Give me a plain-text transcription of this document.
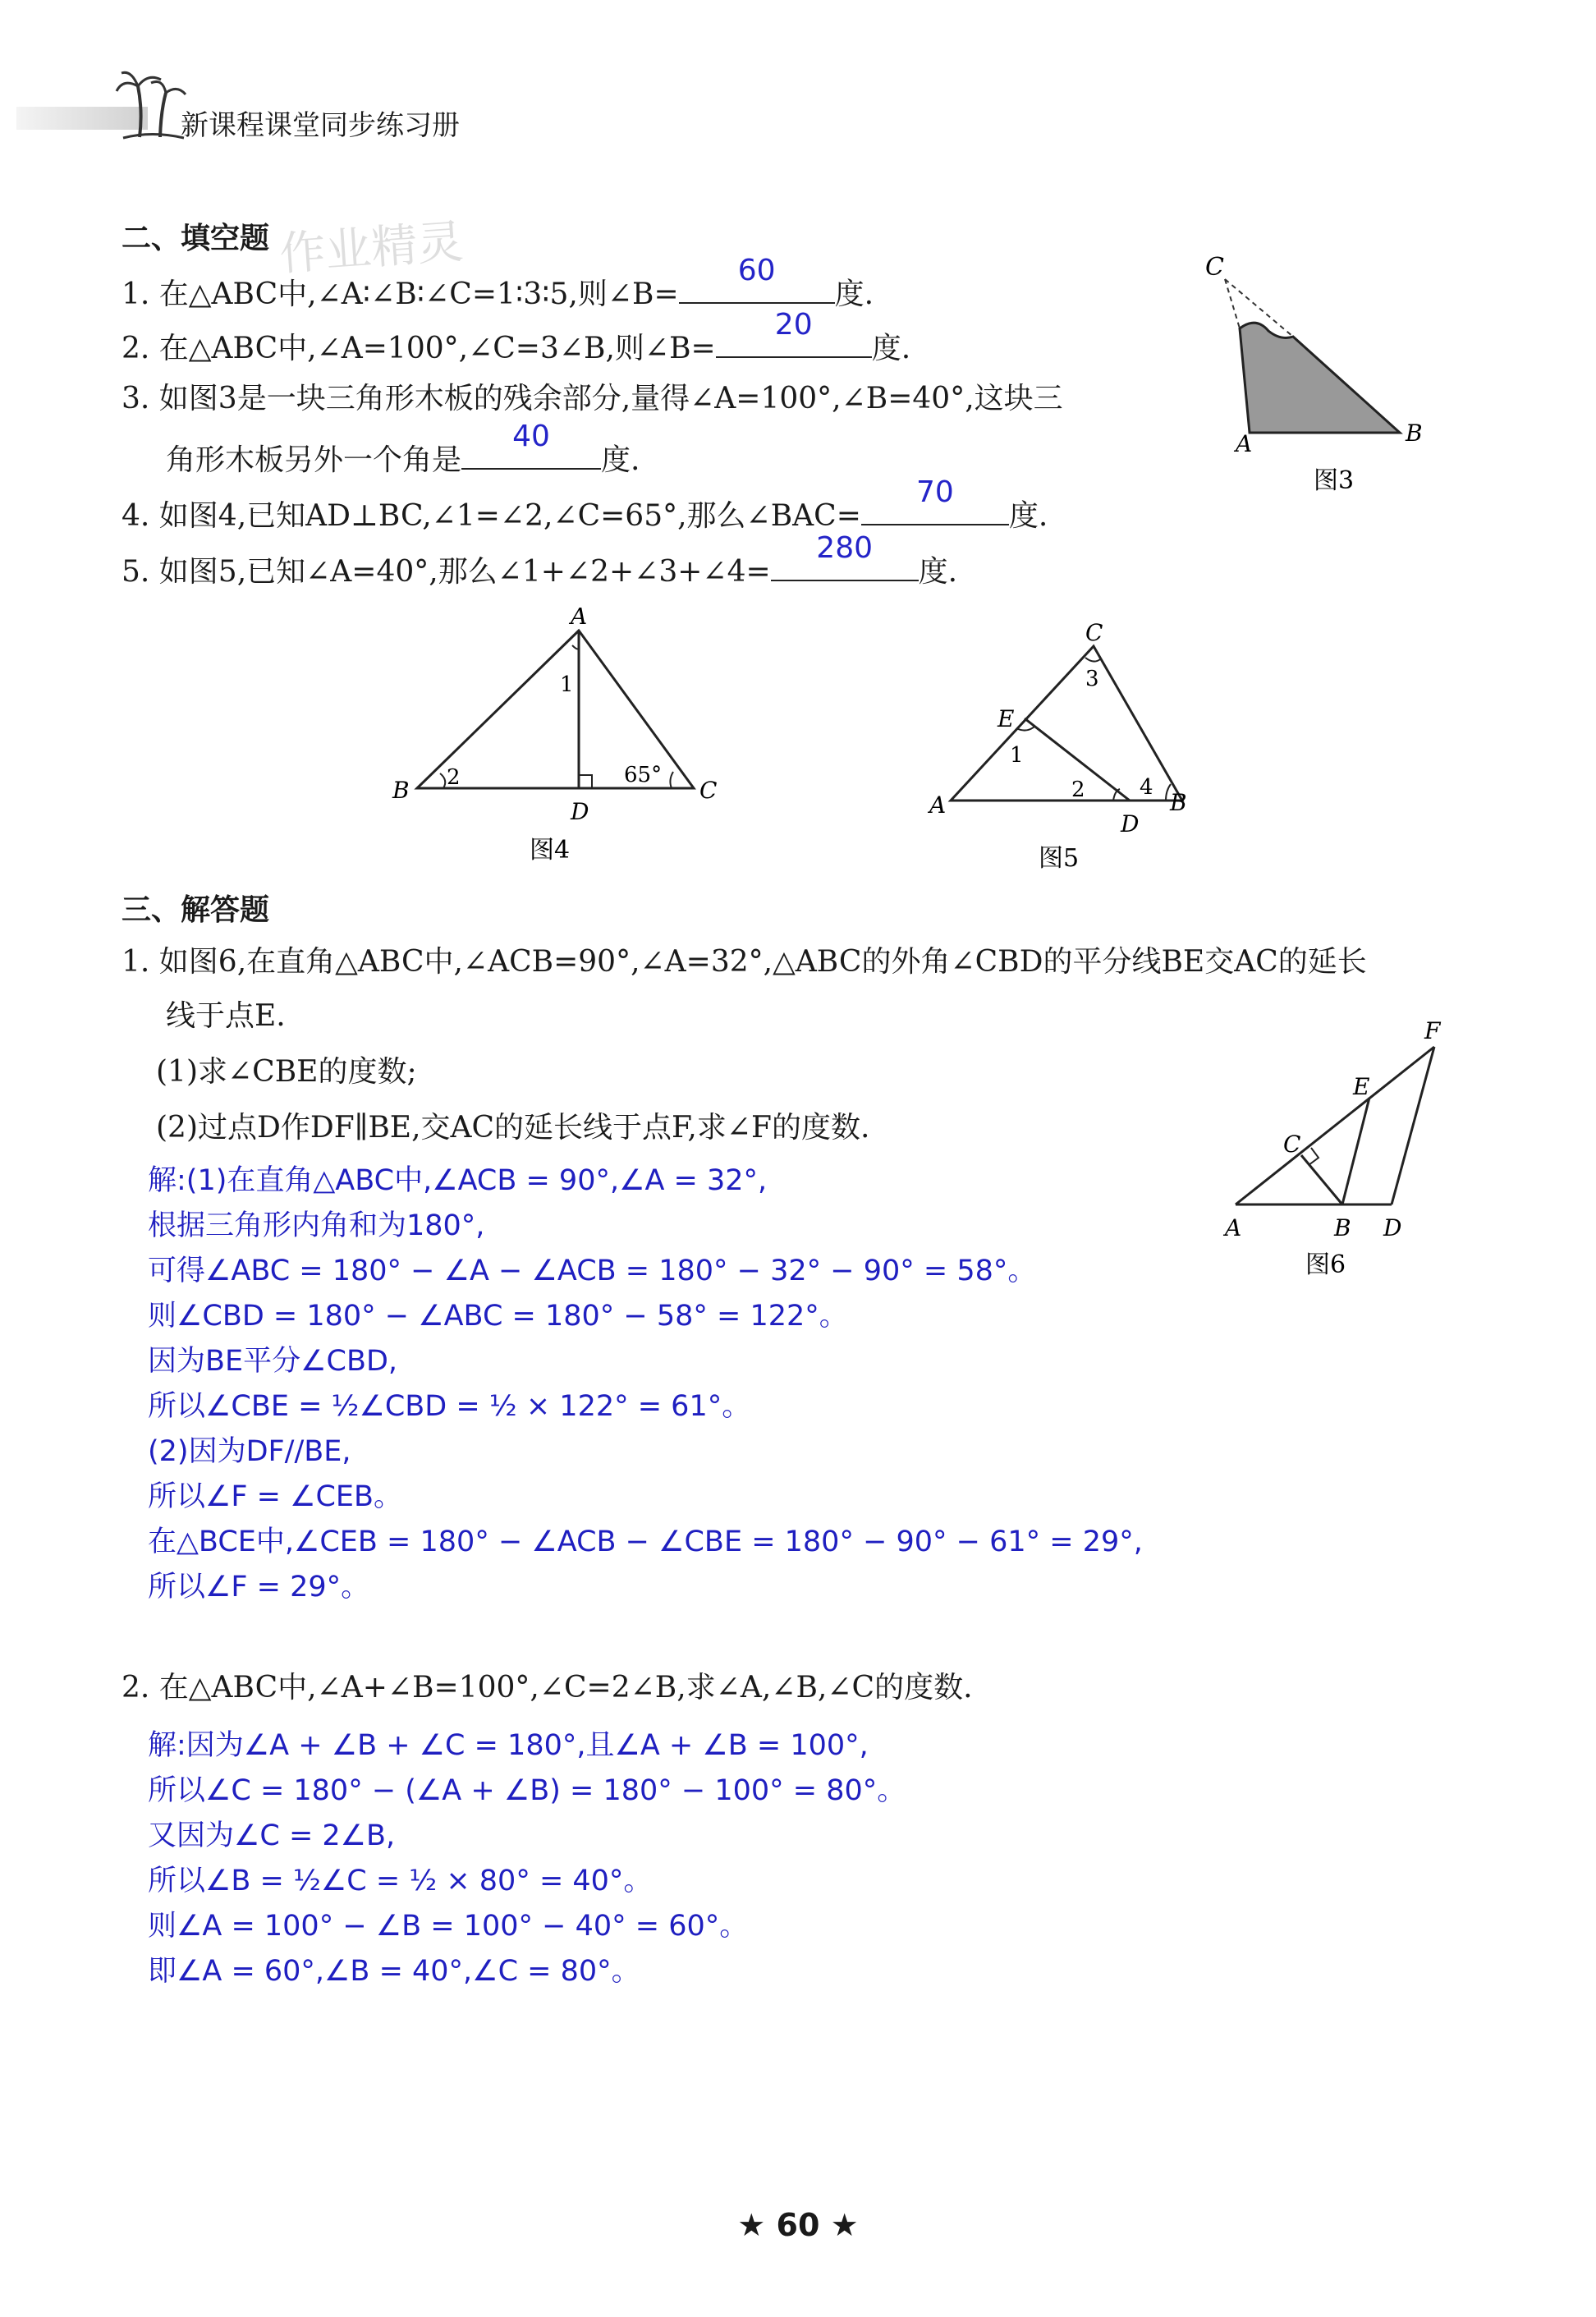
新课程课堂同步练习册
作业精灵
二、填空题
1. 在△ABC中,∠A∶∠B∶∠C=1∶3∶5,则∠B=
60
度.
2. 在△ABC中,∠A=100°,∠C=3∠B,则∠B=
20
度.
3. 如图3是一块三角形木板的残余部分,量得∠A=100°,∠B=40°,这块三
角形木板另外一个角是
40
度.
4. 如图4,已知AD⊥BC,∠1=∠2,∠C=65°,那么∠BAC=
70
度.
5. 如图5,已知∠A=40°,那么∠1+∠2+∠3+∠4=
280
度.
C
A	B
图3
A
B	C
D
1
2	65°
图4
C
E
A	B
D
3
1
2	4
图5
三、解答题
1. 如图6,在直角△ABC中,∠ACB=90°,∠A=32°,△ABC的外角∠CBD的平分线BE交AC的延长
线于点E.
(1)求∠CBE的度数;
(2)过点D作DF∥BE,交AC的延长线于点F,求∠F的度数.
F
E
C
A	B D
图6
解:(1)在直角△ABC中,∠ACB = 90°,∠A = 32°,
根据三角形内角和为180°,
可得∠ABC = 180° − ∠A − ∠ACB = 180° − 32° − 90° = 58°。
则∠CBD = 180° − ∠ABC = 180° − 58° = 122°。
因为BE平分∠CBD,
所以∠CBE = ½∠CBD = ½ × 122° = 61°。
(2)因为DF//BE,
所以∠F = ∠CEB。
在△BCE中,∠CEB = 180° − ∠ACB − ∠CBE = 180° − 90° − 61° = 29°,
所以∠F = 29°。
2. 在△ABC中,∠A+∠B=100°,∠C=2∠B,求∠A,∠B,∠C的度数.
解:因为∠A + ∠B + ∠C = 180°,且∠A + ∠B = 100°,
所以∠C = 180° − (∠A + ∠B) = 180° − 100° = 80°。
又因为∠C = 2∠B,
所以∠B = ½∠C = ½ × 80° = 40°。
则∠A = 100° − ∠B = 100° − 40° = 60°。
即∠A = 60°,∠B = 40°,∠C = 80°。
★ 60 ★
